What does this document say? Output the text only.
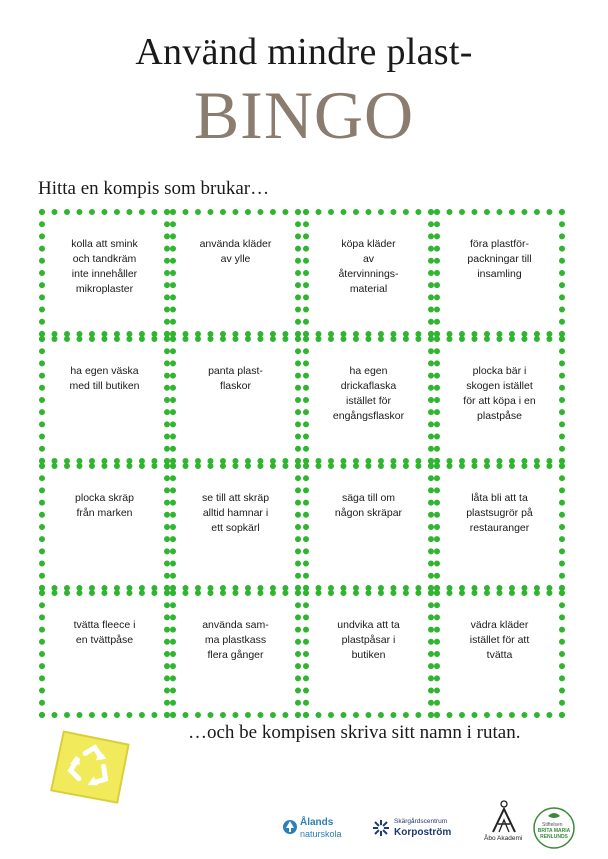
Använd mindre plast-
BINGO
Hitta en kompis som brukar…
kolla att smink
och tandkräm
inte innehåller
mikroplaster
använda kläder
av ylle
köpa kläder
av
återvinnings-
material
föra plastför-
packningar till
insamling
ha egen väska
med till butiken
panta plast-
flaskor
ha egen
drickaflaska
istället för
engångsflaskor
plocka bär i
skogen istället
för att köpa i en
plastpåse
plocka skräp
från marken
se till att skräp
alltid hamnar i
ett sopkärl
säga till om
någon skräpar
låta bli att ta
plastsugrör på
restauranger
tvätta fleece i
en tvättpåse
använda sam-
ma plastkass
flera gånger
undvika att ta
plastpåsar i
butiken
vädra kläder
istället för att
tvätta
…och be kompisen skriva sitt namn i rutan.
Ålands
naturskola
Skärgårdscentrum
Korpoström
Åbo Akademi
Stiftelsen
BRITA MARIA RENLUNDS
